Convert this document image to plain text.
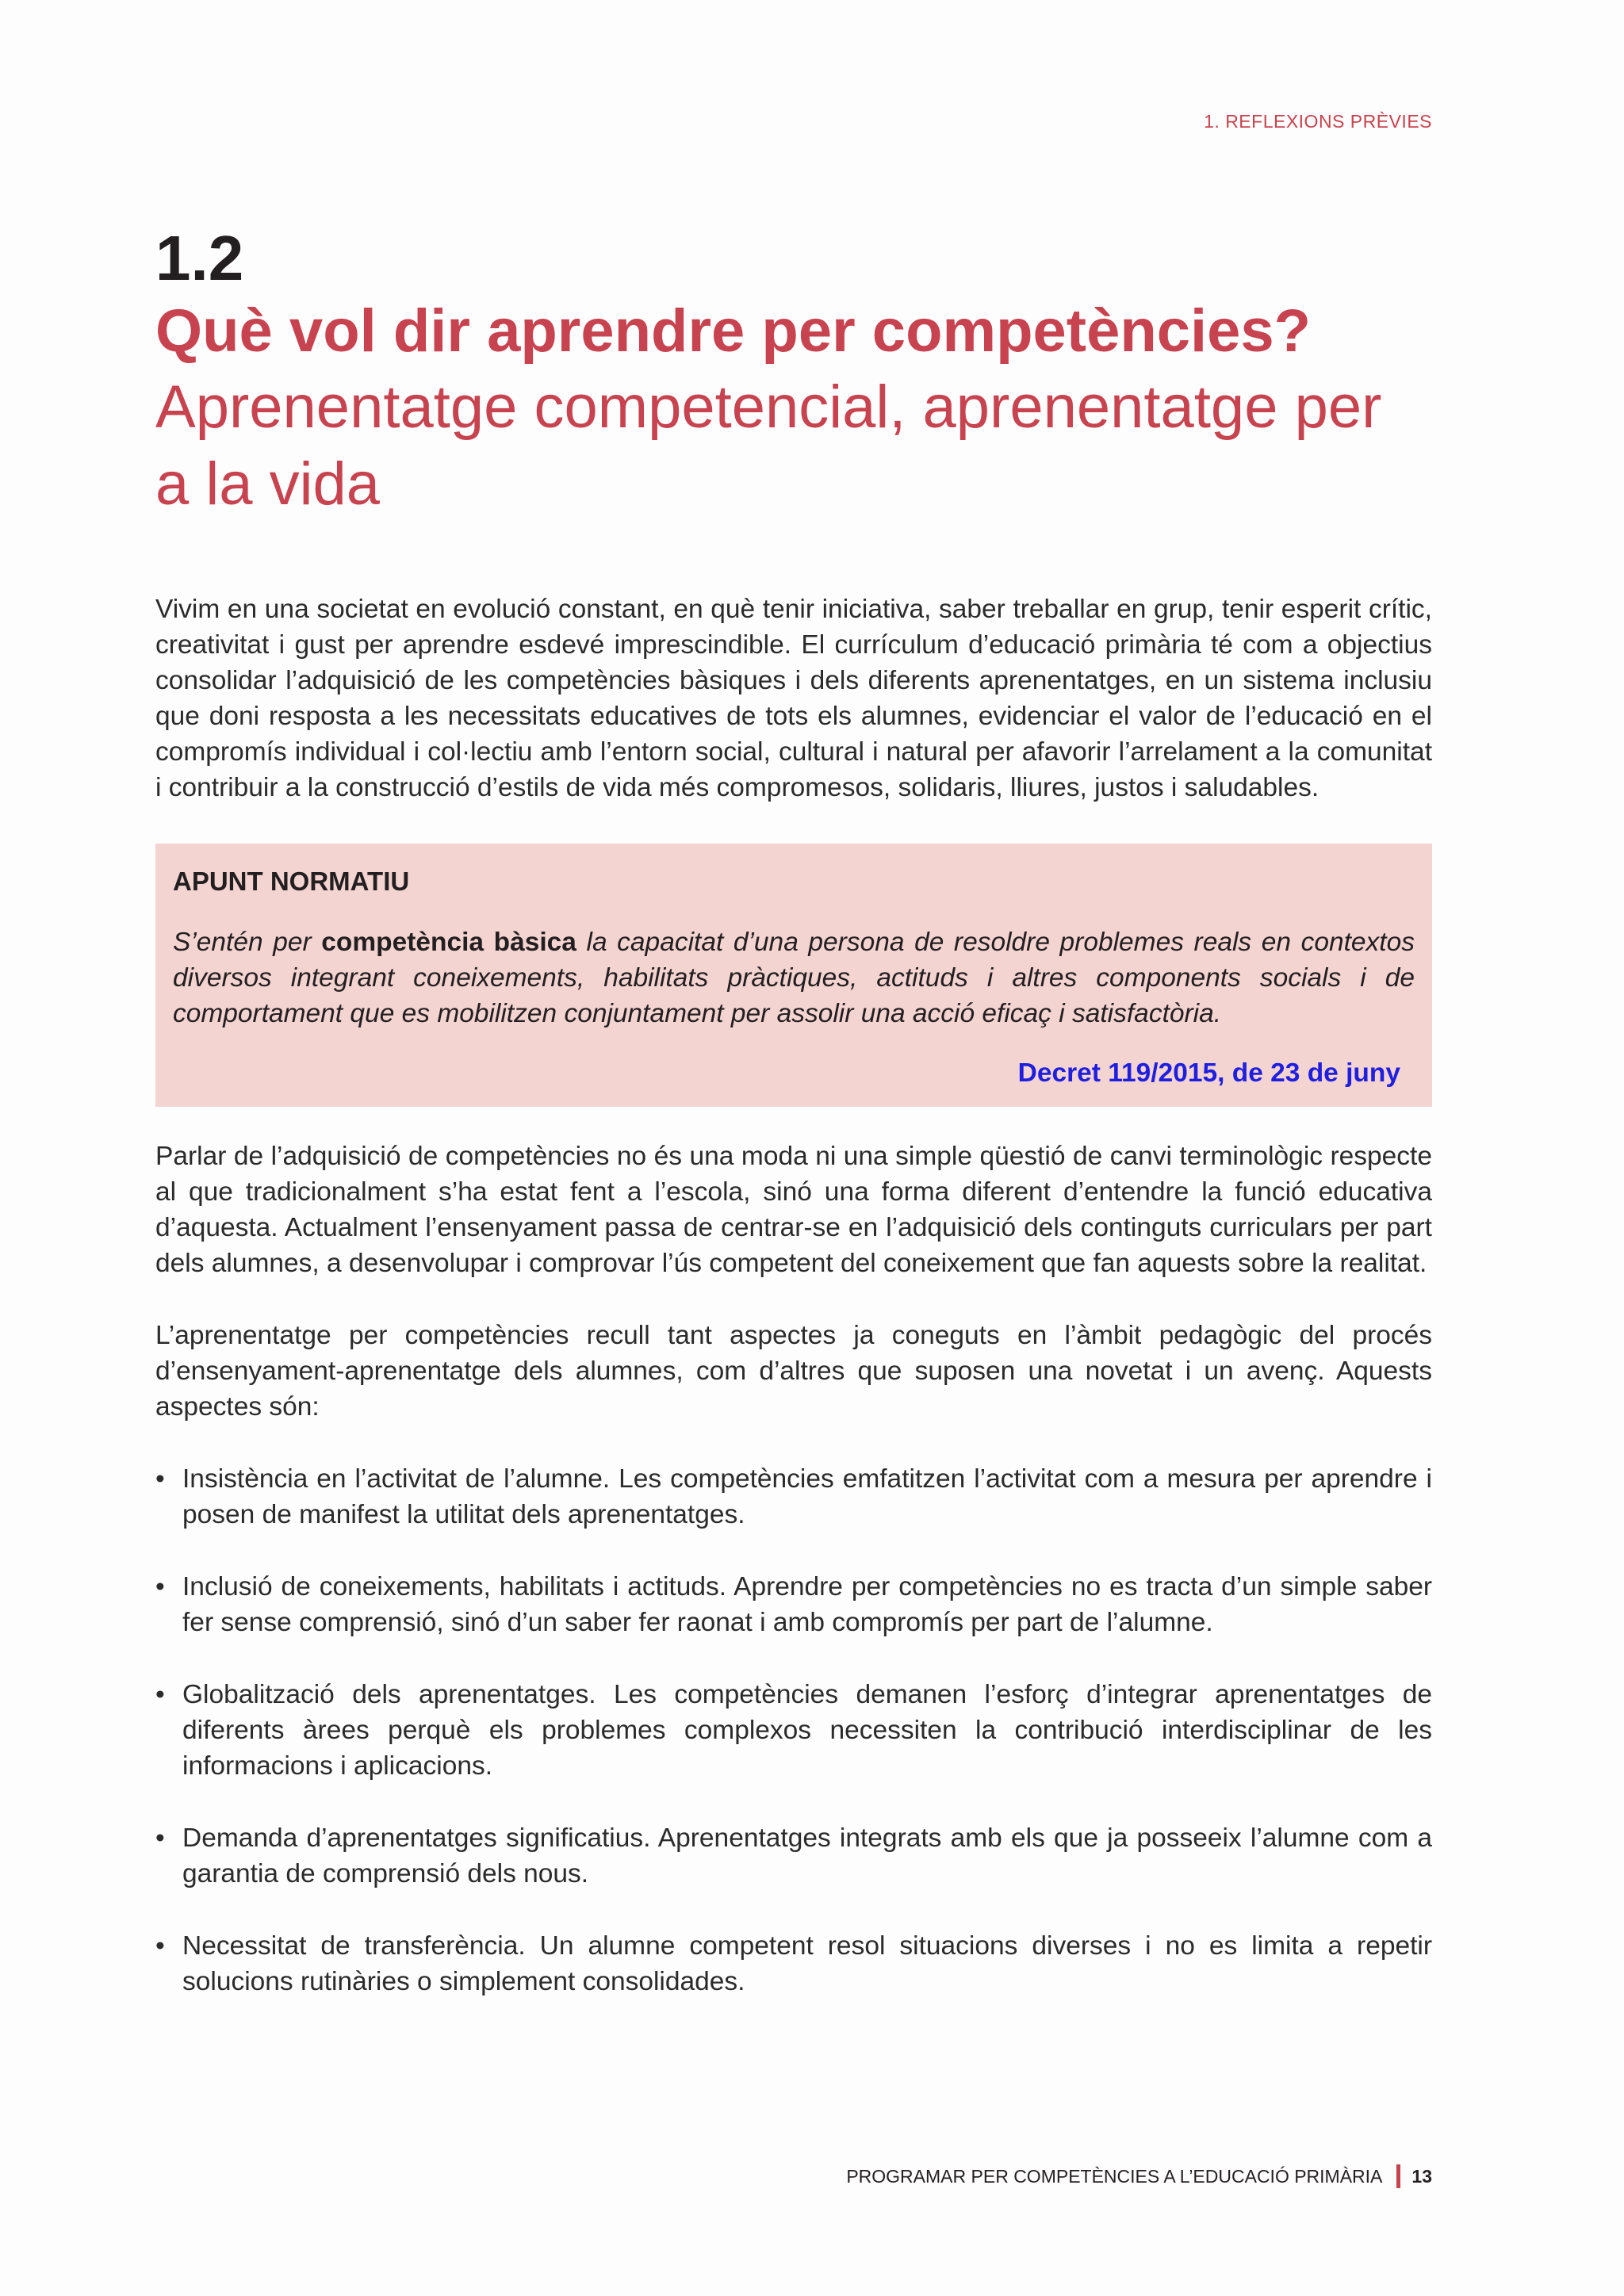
1. REFLEXIONS PRÈVIES
1.2
Què vol dir aprendre per competències?
Aprenentatge competencial, aprenentatge per a la vida

Vivim en una societat en evolució constant, en què tenir iniciativa, saber treballar en grup, tenir esperit crític, creativitat i gust per aprendre esdevé imprescindible. El currículum d’educació primària té com a objectius consolidar l’adquisició de les competències bàsiques i dels diferents aprenentatges, en un sistema inclusiu que doni resposta a les necessitats educatives de tots els alumnes, evidenciar el valor de l’educació en el compromís individual i col·lectiu amb l’entorn social, cultural i natural per afavorir l’arrelament a la comunitat i contribuir a la construcció d’estils de vida més compromesos, solidaris, lliures, justos i saludables.

APUNT NORMATIU
S’entén per competència bàsica la capacitat d’una persona de resoldre problemes reals en contextos diversos integrant coneixements, habilitats pràctiques, actituds i altres components socials i de comportament que es mobilitzen conjuntament per assolir una acció eficaç i satisfactòria.
Decret 119/2015, de 23 de juny

Parlar de l’adquisició de competències no és una moda ni una simple qüestió de canvi terminològic respecte al que tradicionalment s’ha estat fent a l’escola, sinó una forma diferent d’entendre la funció educativa d’aquesta. Actualment l’ensenyament passa de centrar-se en l’adquisició dels continguts curriculars per part dels alumnes, a desenvolupar i comprovar l’ús competent del coneixement que fan aquests sobre la realitat.

L’aprenentatge per competències recull tant aspectes ja coneguts en l’àmbit pedagògic del procés d’ensenyament-aprenentatge dels alumnes, com d’altres que suposen una novetat i un avenç. Aquests aspectes són:

• Insistència en l’activitat de l’alumne. Les competències emfatitzen l’activitat com a mesura per aprendre i posen de manifest la utilitat dels aprenentatges.
• Inclusió de coneixements, habilitats i actituds. Aprendre per competències no es tracta d’un simple saber fer sense comprensió, sinó d’un saber fer raonat i amb compromís per part de l’alumne.
• Globalització dels aprenentatges. Les competències demanen l’esforç d’integrar aprenentatges de diferents àrees perquè els problemes complexos necessiten la contribució interdisciplinar de les informacions i aplicacions.
• Demanda d’aprenentatges significatius. Aprenentatges integrats amb els que ja posseeix l’alumne com a garantia de comprensió dels nous.
• Necessitat de transferència. Un alumne competent resol situacions diverses i no es limita a repetir solucions rutinàries o simplement consolidades.
PROGRAMAR PER COMPETÈNCIES A L’EDUCACIÓ PRIMÀRIA 13
